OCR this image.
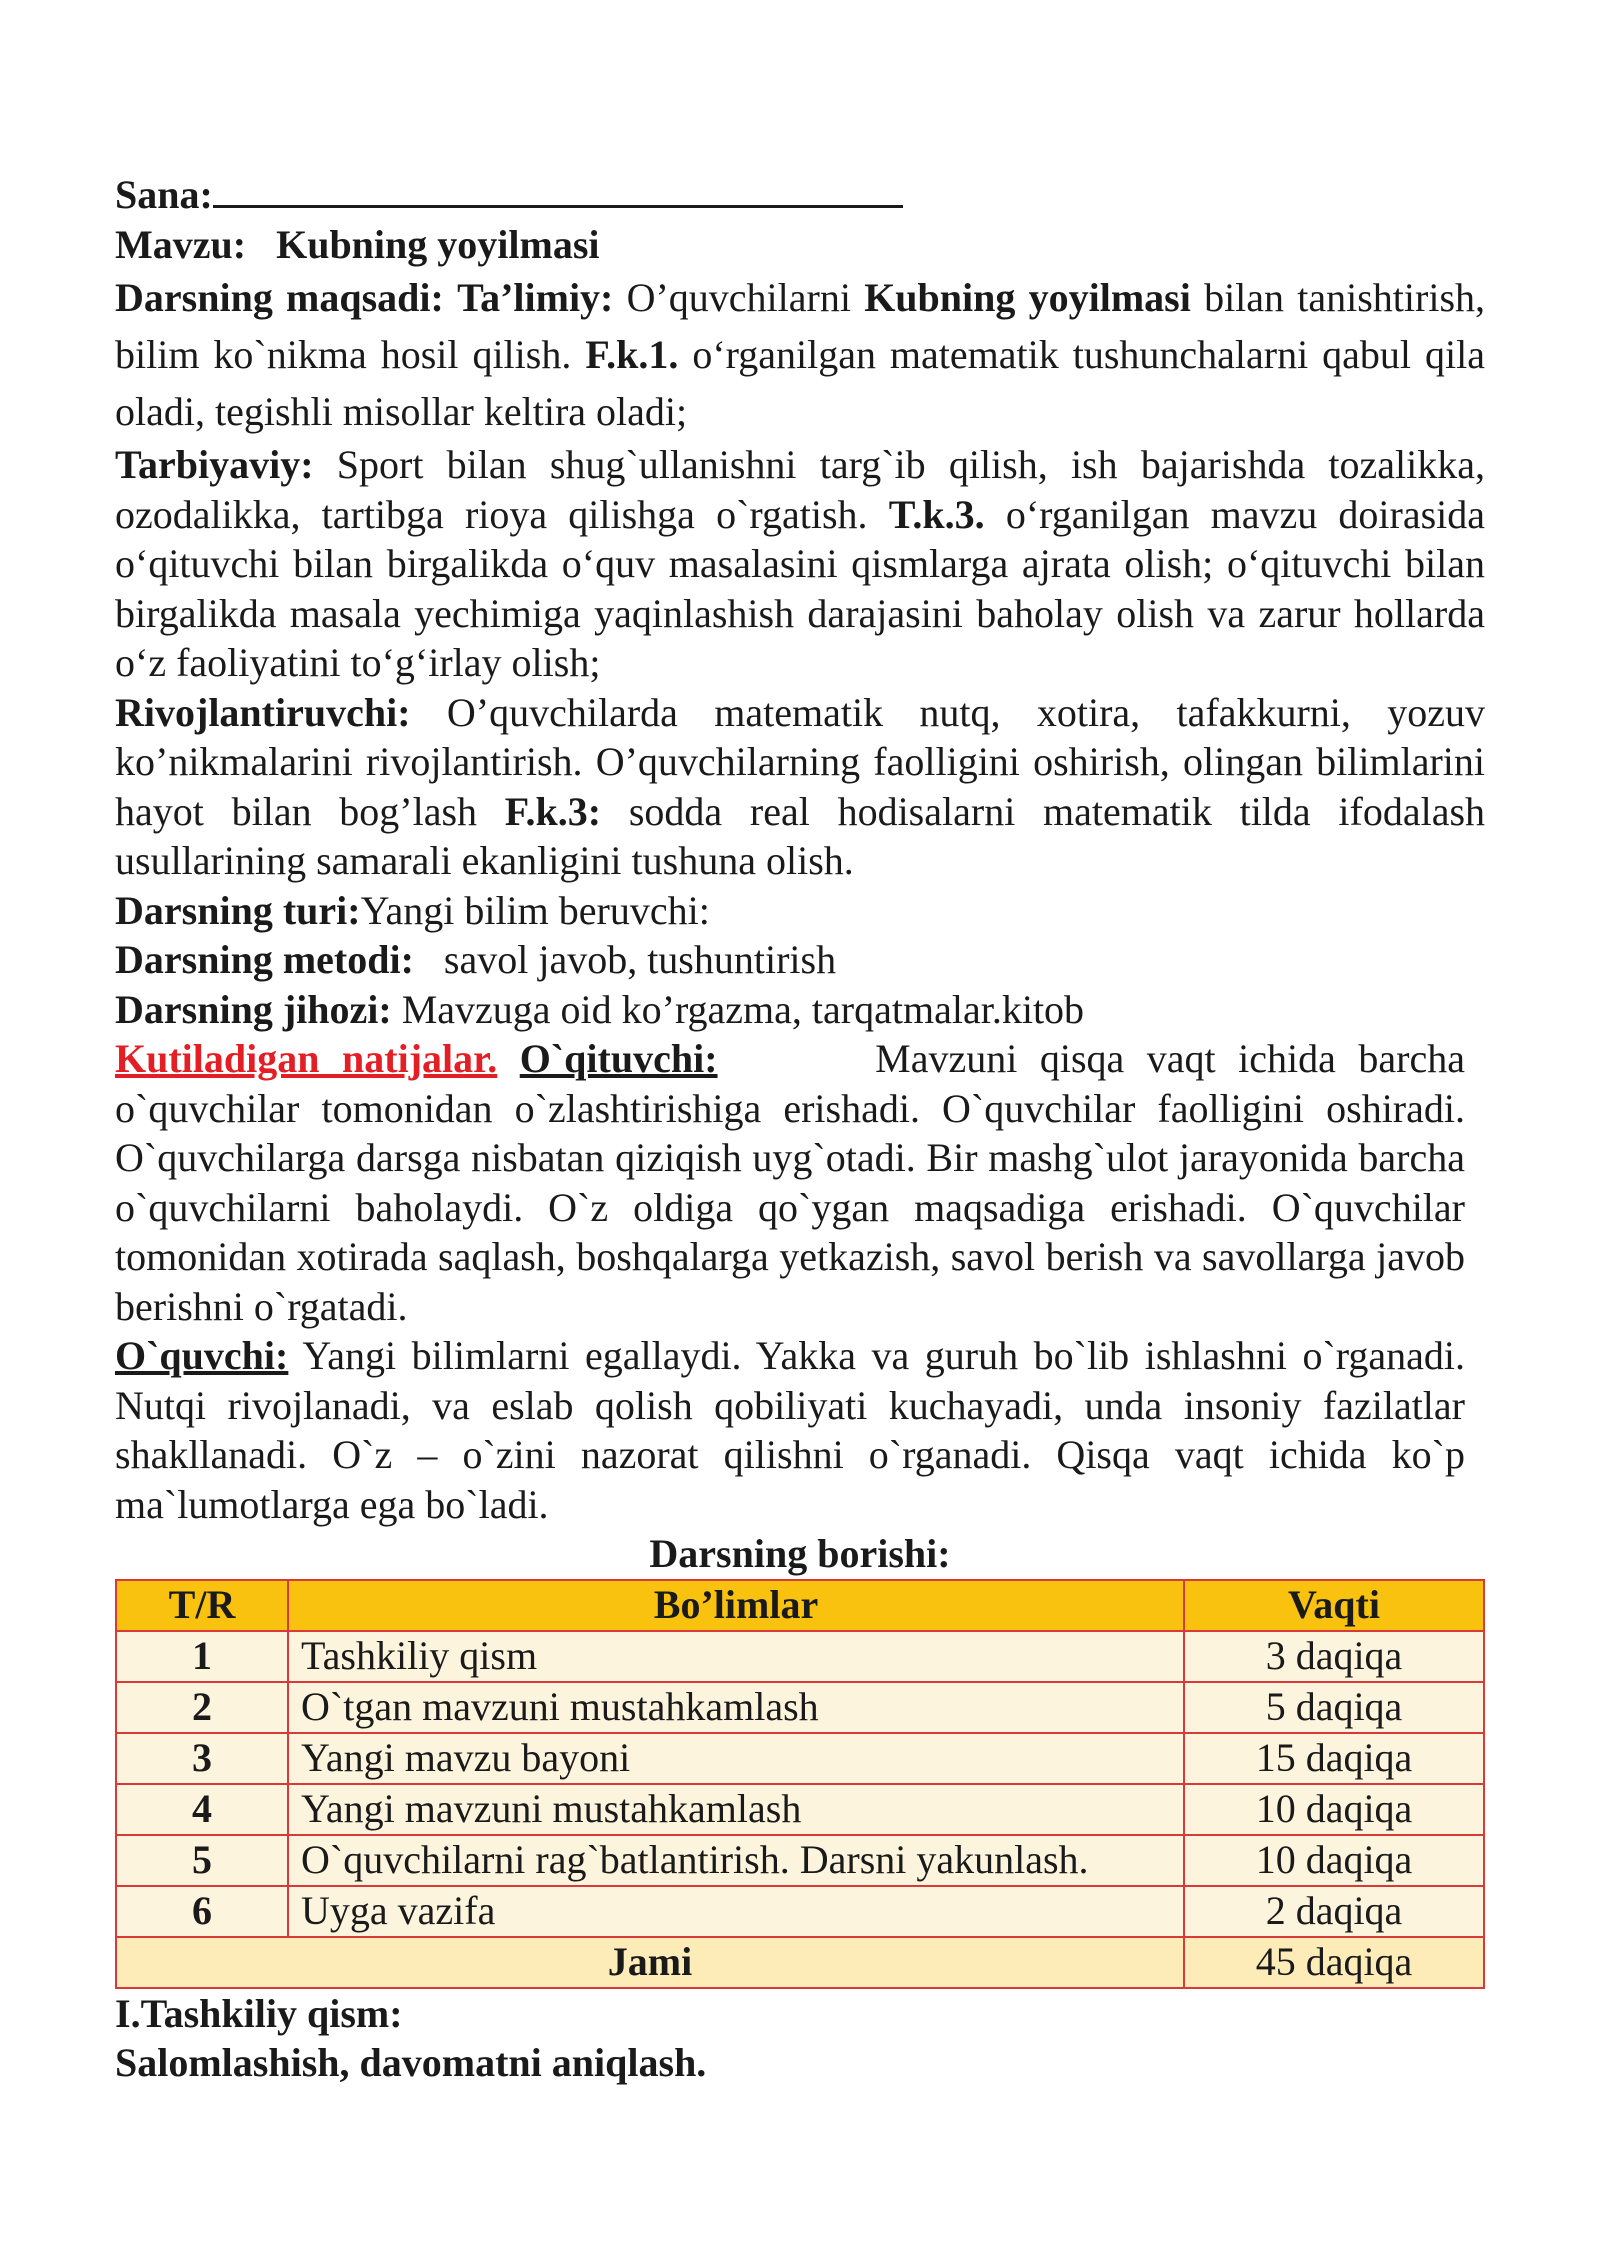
Sana:

Mavzu: Kubning yoyilmasi

Darsning maqsadi: Ta’limiy: O’quvchilarni Kubning yoyilmasi bilan tanishtirish, bilim ko`nikma hosil qilish. F.k.1. o‘rganilgan matematik tushunchalarni qabul qila oladi, tegishli misollar keltira oladi;

Tarbiyaviy: Sport bilan shug`ullanishni targ`ib qilish, ish bajarishda tozalikka, ozodalikka, tartibga rioya qilishga o`rgatish. T.k.3. o‘rganilgan mavzu doirasida o‘qituvchi bilan birgalikda o‘quv masalasini qismlarga ajrata olish; o‘qituvchi bilan birgalikda masala yechimiga yaqinlashish darajasini baholay olish va zarur hollarda o‘z faoliyatini to‘g‘irlay olish;

Rivojlantiruvchi: O’quvchilarda matematik nutq, xotira, tafakkurni, yozuv ko’nikmalarini rivojlantirish. O’quvchilarning faolligini oshirish, olingan bilimlarini hayot bilan bog’lash F.k.3: sodda real hodisalarni matematik tilda ifodalash usullarining samarali ekanligini tushuna olish.

Darsning turi:Yangi bilim beruvchi:

Darsning metodi: savol javob, tushuntirish

Darsning jihozi: Mavzuga oid ko’rgazma, tarqatmalar.kitob

Kutiladigan natijalar. O`qituvchi:	Mavzuni qisqa vaqt ichida barcha o`quvchilar tomonidan o`zlashtirishiga erishadi. O`quvchilar faolligini oshiradi. O`quvchilarga darsga nisbatan qiziqish uyg`otadi. Bir mashg`ulot jarayonida barcha o`quvchilarni baholaydi. O`z oldiga qo`ygan maqsadiga erishadi. O`quvchilar tomonidan xotirada saqlash, boshqalarga yetkazish, savol berish va savollarga javob berishni o`rgatadi.

O`quvchi: Yangi bilimlarni egallaydi. Yakka va guruh bo`lib ishlashni o`rganadi. Nutqi rivojlanadi, va eslab qolish qobiliyati kuchayadi, unda insoniy fazilatlar shakllanadi. O`z – o`zini nazorat qilishni o`rganadi. Qisqa vaqt ichida ko`p ma`lumotlarga ega bo`ladi.

Darsning borishi:

T/R	Bo’limlar	Vaqti
1	Tashkiliy qism	3 daqiqa
2	O`tgan mavzuni mustahkamlash	5 daqiqa
3	Yangi mavzu bayoni	15 daqiqa
4	Yangi mavzuni mustahkamlash	10 daqiqa
5	O`quvchilarni rag`batlantirish. Darsni yakunlash.	10 daqiqa
6	Uyga vazifa	2 daqiqa
Jami		45 daqiqa

I.Tashkiliy qism:

Salomlashish, davomatni aniqlash.
